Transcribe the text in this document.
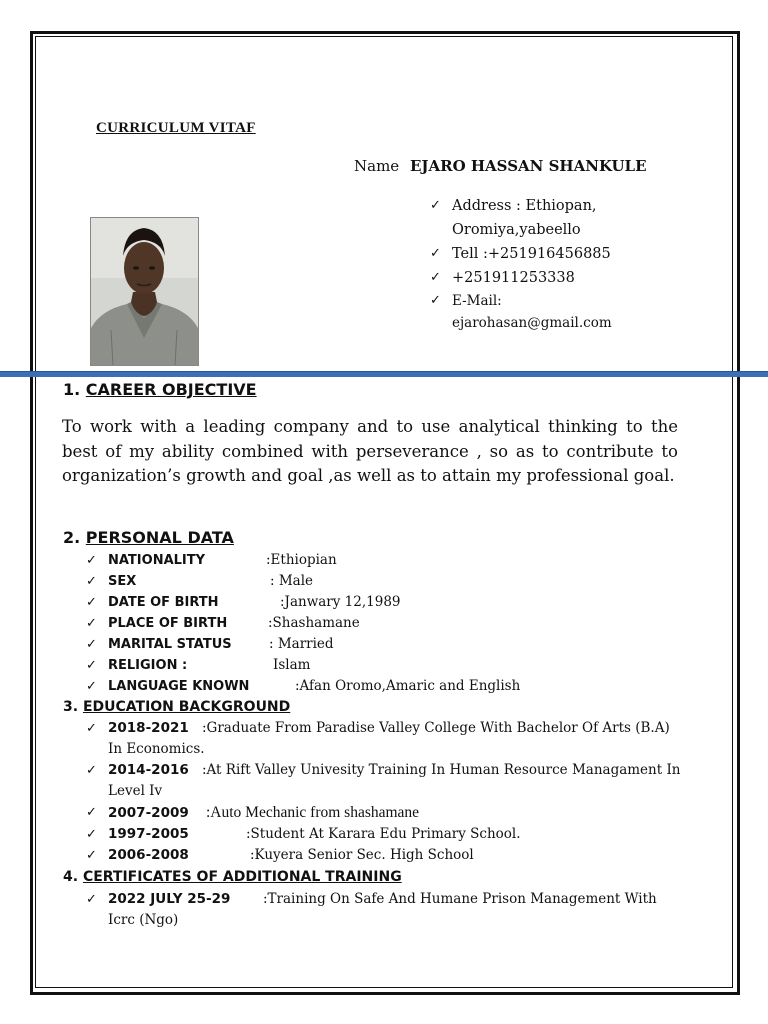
CURRICULUM VITAF
Name EJARO HASSAN SHANKULE
✓ Address : Ethiopan, Oromiya,yabeello
✓ Tell :+251916456885
✓ +251911253338
✓ E-Mail: ejarohasan@gmail.com
1. CAREER OBJECTIVE

To work with a leading company and to use analytical thinking to the best of my ability combined with perseverance , so as to contribute to organization’s growth and goal ,as well as to attain my professional goal.

2. PERSONAL DATA
✓ NATIONALITY	:Ethiopian
✓ SEX	: Male
✓ DATE OF BIRTH	:Janwary 12,1989
✓ PLACE OF BIRTH	:Shashamane
✓ MARITAL STATUS	: Married
✓ RELIGION :	Islam
✓ LANGUAGE KNOWN	:Afan Oromo,Amaric and English
3. EDUCATION BACKGROUND
✓ 2018-2021 :Graduate From Paradise Valley College With Bachelor Of Arts (B.A) In Economics.
✓ 2014-2016 :At Rift Valley Univesity Training In Human Resource Managament In Level Iv
✓ 2007-2009 :Auto Mechanic from shashamane
✓ 1997-2005	:Student At Karara Edu Primary School.
✓ 2006-2008	:Kuyera Senior Sec. High School
4. CERTIFICATES OF ADDITIONAL TRAINING
✓ 2022 JULY 25-29 :Training On Safe And Humane Prison Management With Icrc (Ngo)
